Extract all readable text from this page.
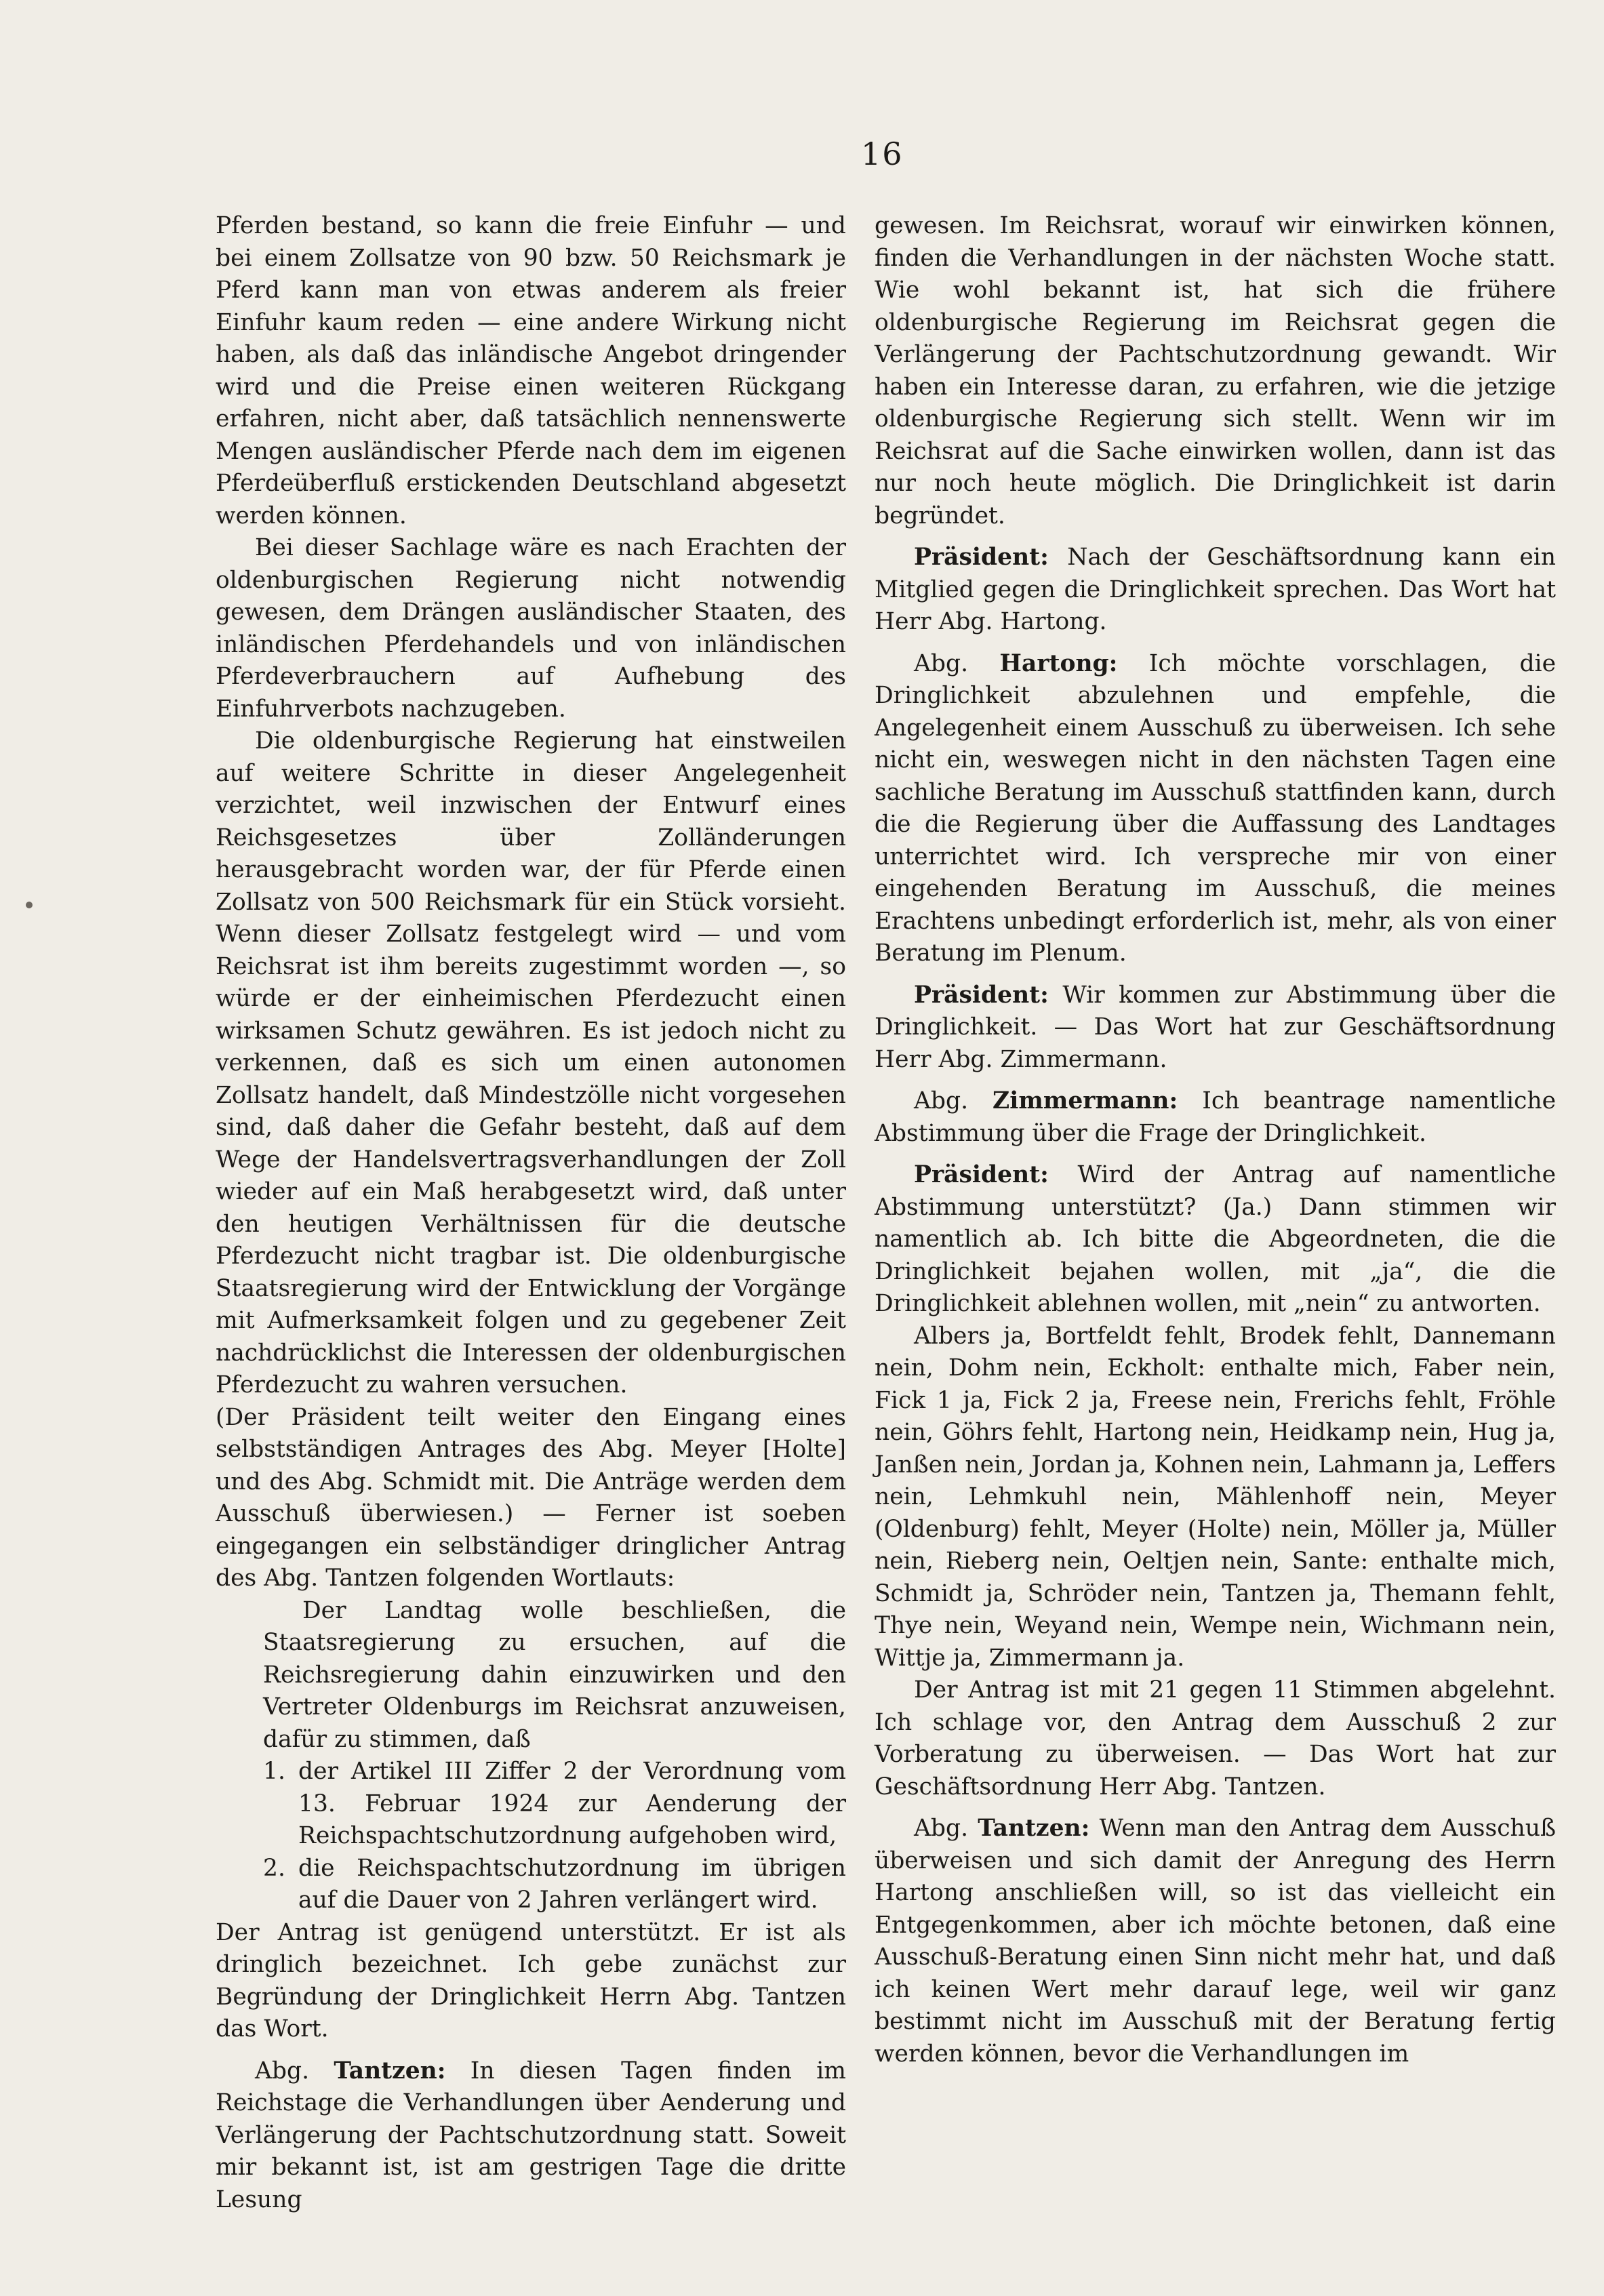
16

Pferden bestand, so kann die freie Einfuhr — und bei einem Zollsatze von 90 bzw. 50 Reichsmark je Pferd kann man von etwas anderem als freier Einfuhr kaum reden — eine andere Wirkung nicht haben, als daß das inländische Angebot dringender wird und die Preise einen weiteren Rückgang erfahren, nicht aber, daß tatsächlich nennenswerte Mengen ausländischer Pferde nach dem im eigenen Pferdeüberfluß erstickenden Deutschland abgesetzt werden können.

Bei dieser Sachlage wäre es nach Erachten der oldenburgischen Regierung nicht notwendig gewesen, dem Drängen ausländischer Staaten, des inländischen Pferdehandels und von inländischen Pferdeverbrauchern auf Aufhebung des Einfuhrverbots nachzugeben.

Die oldenburgische Regierung hat einstweilen auf weitere Schritte in dieser Angelegenheit verzichtet, weil inzwischen der Entwurf eines Reichsgesetzes über Zolländerungen herausgebracht worden war, der für Pferde einen Zollsatz von 500 Reichsmark für ein Stück vorsieht. Wenn dieser Zollsatz festgelegt wird — und vom Reichsrat ist ihm bereits zugestimmt worden —, so würde er der einheimischen Pferdezucht einen wirksamen Schutz gewähren. Es ist jedoch nicht zu verkennen, daß es sich um einen autonomen Zollsatz handelt, daß Mindestzölle nicht vorgesehen sind, daß daher die Gefahr besteht, daß auf dem Wege der Handelsvertragsverhandlungen der Zoll wieder auf ein Maß herabgesetzt wird, daß unter den heutigen Verhältnissen für die deutsche Pferdezucht nicht tragbar ist. Die oldenburgische Staatsregierung wird der Entwicklung der Vorgänge mit Aufmerksamkeit folgen und zu gegebener Zeit nachdrücklichst die Interessen der oldenburgischen Pferdezucht zu wahren versuchen.

(Der Präsident teilt weiter den Eingang eines selbstständigen Antrages des Abg. Meyer [Holte] und des Abg. Schmidt mit. Die Anträge werden dem Ausschuß überwiesen.) — Ferner ist soeben eingegangen ein selbständiger dringlicher Antrag des Abg. Tantzen folgenden Wortlauts:

Der Landtag wolle beschließen, die Staatsregierung zu ersuchen, auf die Reichsregierung dahin einzuwirken und den Vertreter Oldenburgs im Reichsrat anzuweisen, dafür zu stimmen, daß

1. der Artikel III Ziffer 2 der Verordnung vom 13. Februar 1924 zur Aenderung der Reichspachtschutzordnung aufgehoben wird,
2. die Reichspachtschutzordnung im übrigen auf die Dauer von 2 Jahren verlängert wird.

Der Antrag ist genügend unterstützt. Er ist als dringlich bezeichnet. Ich gebe zunächst zur Begründung der Dringlichkeit Herrn Abg. Tantzen das Wort.

Abg. Tantzen: In diesen Tagen finden im Reichstage die Verhandlungen über Aenderung und Verlängerung der Pachtschutzordnung statt. Soweit mir bekannt ist, ist am gestrigen Tage die dritte Lesung

gewesen. Im Reichsrat, worauf wir einwirken können, finden die Verhandlungen in der nächsten Woche statt. Wie wohl bekannt ist, hat sich die frühere oldenburgische Regierung im Reichsrat gegen die Verlängerung der Pachtschutzordnung gewandt. Wir haben ein Interesse daran, zu erfahren, wie die jetzige oldenburgische Regierung sich stellt. Wenn wir im Reichsrat auf die Sache einwirken wollen, dann ist das nur noch heute möglich. Die Dringlichkeit ist darin begründet.

Präsident: Nach der Geschäftsordnung kann ein Mitglied gegen die Dringlichkeit sprechen. Das Wort hat Herr Abg. Hartong.

Abg. Hartong: Ich möchte vorschlagen, die Dringlichkeit abzulehnen und empfehle, die Angelegenheit einem Ausschuß zu überweisen. Ich sehe nicht ein, weswegen nicht in den nächsten Tagen eine sachliche Beratung im Ausschuß stattfinden kann, durch die die Regierung über die Auffassung des Landtages unterrichtet wird. Ich verspreche mir von einer eingehenden Beratung im Ausschuß, die meines Erachtens unbedingt erforderlich ist, mehr, als von einer Beratung im Plenum.

Präsident: Wir kommen zur Abstimmung über die Dringlichkeit. — Das Wort hat zur Geschäftsordnung Herr Abg. Zimmermann.

Abg. Zimmermann: Ich beantrage namentliche Abstimmung über die Frage der Dringlichkeit.

Präsident: Wird der Antrag auf namentliche Abstimmung unterstützt? (Ja.) Dann stimmen wir namentlich ab. Ich bitte die Abgeordneten, die die Dringlichkeit bejahen wollen, mit „ja“, die die Dringlichkeit ablehnen wollen, mit „nein“ zu antworten.

Albers ja, Bortfeldt fehlt, Brodek fehlt, Dannemann nein, Dohm nein, Eckholt: enthalte mich, Faber nein, Fick 1 ja, Fick 2 ja, Freese nein, Frerichs fehlt, Fröhle nein, Göhrs fehlt, Hartong nein, Heidkamp nein, Hug ja, Janßen nein, Jordan ja, Kohnen nein, Lahmann ja, Leffers nein, Lehmkuhl nein, Mählenhoff nein, Meyer (Oldenburg) fehlt, Meyer (Holte) nein, Möller ja, Müller nein, Rieberg nein, Oeltjen nein, Sante: enthalte mich, Schmidt ja, Schröder nein, Tantzen ja, Themann fehlt, Thye nein, Weyand nein, Wempe nein, Wichmann nein, Wittje ja, Zimmermann ja.

Der Antrag ist mit 21 gegen 11 Stimmen abgelehnt. Ich schlage vor, den Antrag dem Ausschuß 2 zur Vorberatung zu überweisen. — Das Wort hat zur Geschäftsordnung Herr Abg. Tantzen.

Abg. Tantzen: Wenn man den Antrag dem Ausschuß überweisen und sich damit der Anregung des Herrn Hartong anschließen will, so ist das vielleicht ein Entgegenkommen, aber ich möchte betonen, daß eine Ausschuß-Beratung einen Sinn nicht mehr hat, und daß ich keinen Wert mehr darauf lege, weil wir ganz bestimmt nicht im Ausschuß mit der Beratung fertig werden können, bevor die Verhandlungen im
